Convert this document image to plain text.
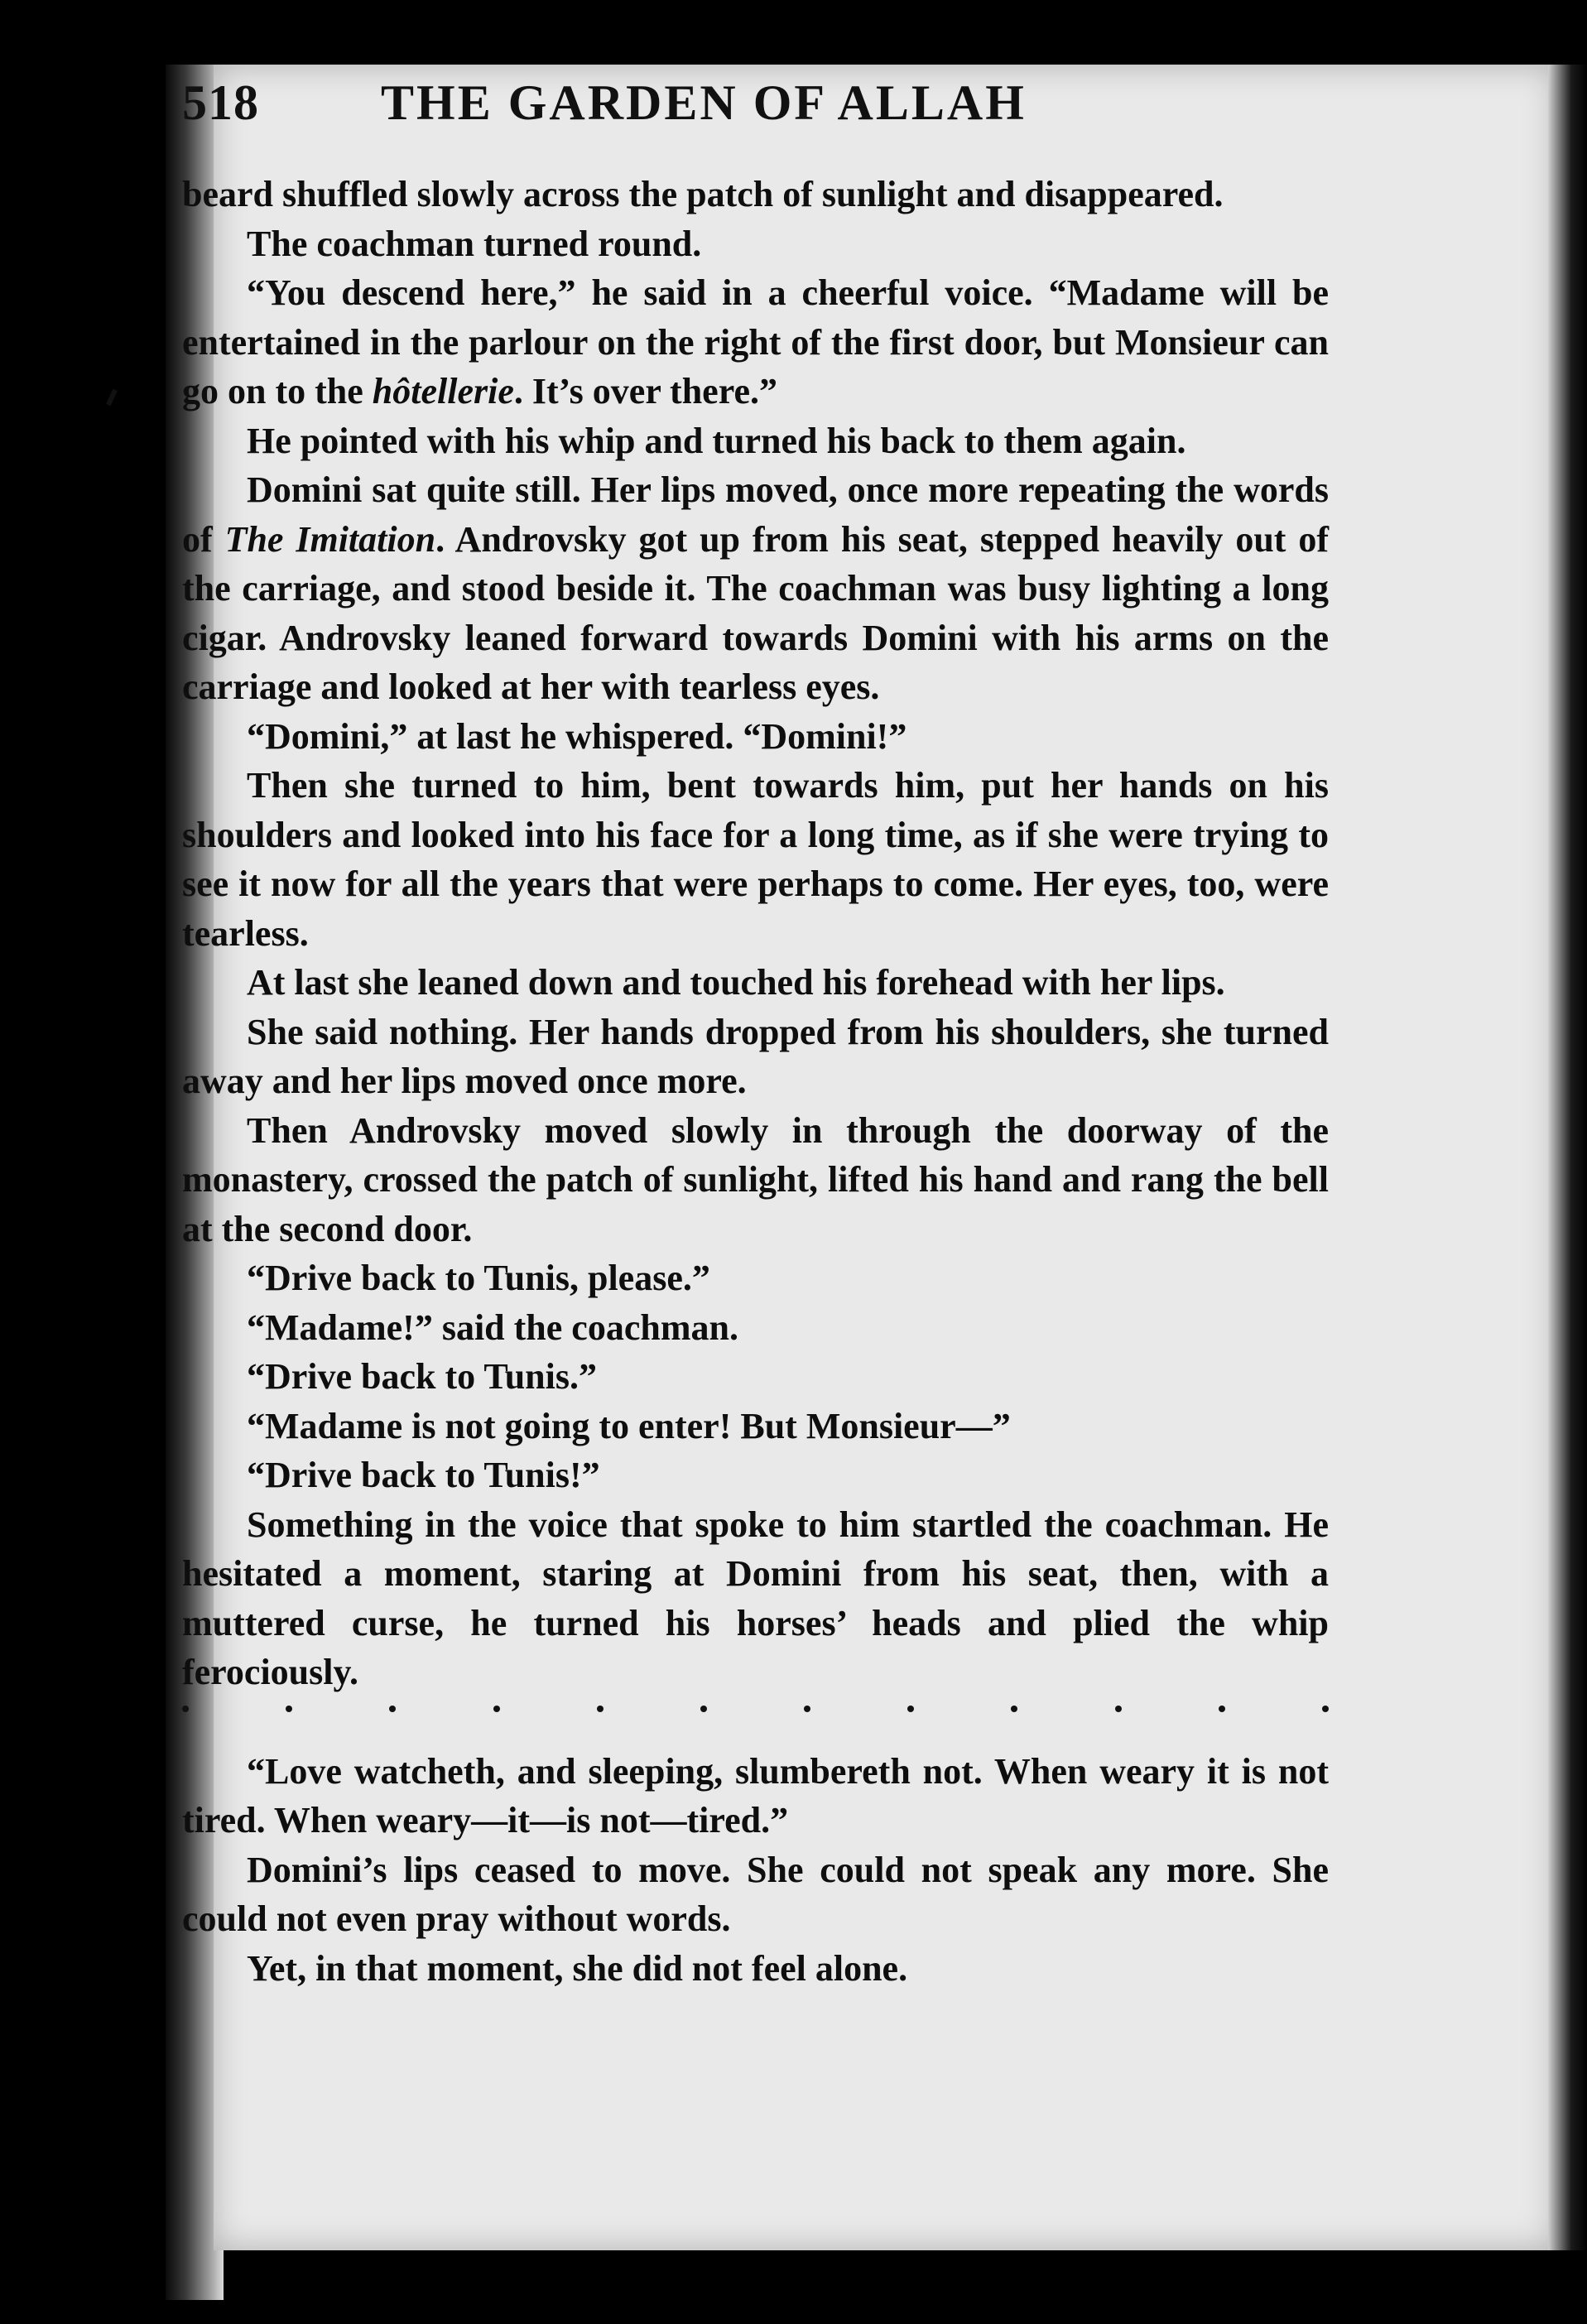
518 THE GARDEN OF ALLAH

beard shuffled slowly across the patch of sunlight and disappeared.

The coachman turned round.

“You descend here,” he said in a cheerful voice. “Madame will be entertained in the parlour on the right of the first door, but Monsieur can go on to the hôtellerie. It’s over there.”

He pointed with his whip and turned his back to them again.

Domini sat quite still. Her lips moved, once more repeating the words of The Imitation. Androvsky got up from his seat, stepped heavily out of the carriage, and stood beside it. The coachman was busy lighting a long cigar. Androvsky leaned forward towards Domini with his arms on the carriage and looked at her with tearless eyes.

“Domini,” at last he whispered. “Domini!”

Then she turned to him, bent towards him, put her hands on his shoulders and looked into his face for a long time, as if she were trying to see it now for all the years that were perhaps to come. Her eyes, too, were tearless.

At last she leaned down and touched his forehead with her lips.

She said nothing. Her hands dropped from his shoulders, she turned away and her lips moved once more.

Then Androvsky moved slowly in through the doorway of the monastery, crossed the patch of sunlight, lifted his hand and rang the bell at the second door.

“Drive back to Tunis, please.”

“Madame!” said the coachman.

“Drive back to Tunis.”

“Madame is not going to enter! But Monsieur—”

“Drive back to Tunis!”

Something in the voice that spoke to him startled the coachman. He hesitated a moment, staring at Domini from his seat, then, with a muttered curse, he turned his horses’ heads and plied the whip ferociously.

“Love watcheth, and sleeping, slumbereth not. When weary it is not tired. When weary—it—is not—tired.”

Domini’s lips ceased to move. She could not speak any more. She could not even pray without words.

Yet, in that moment, she did not feel alone.
